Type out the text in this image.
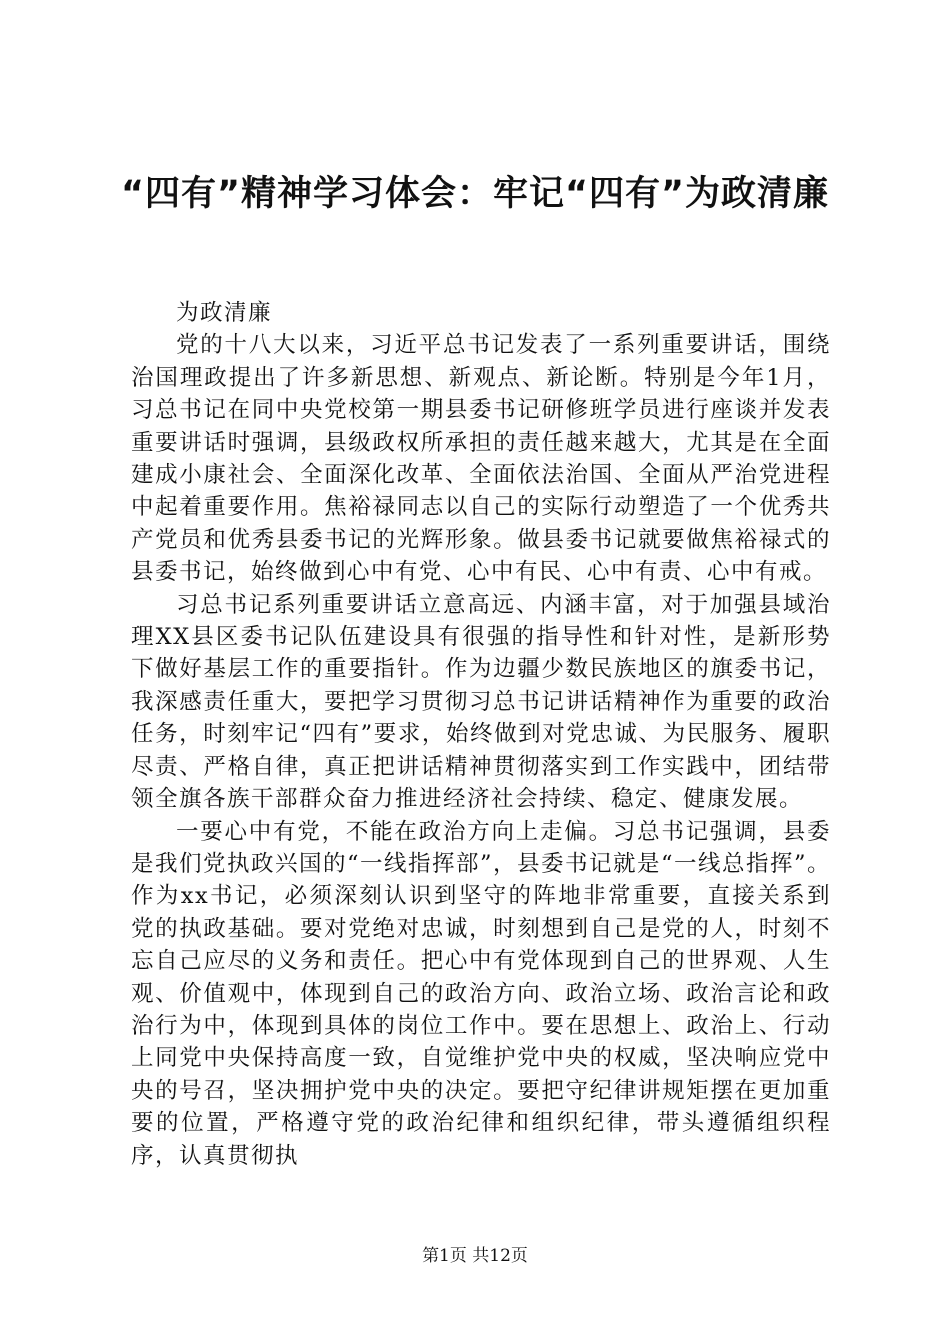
“四有”精神学习体会：牢记“四有”为政清廉

为政清廉

党的十八大以来，习近平总书记发表了一系列重要讲话，围绕治国理政提出了许多新思想、新观点、新论断。特别是今年1月，习总书记在同中央党校第一期县委书记研修班学员进行座谈并发表重要讲话时强调，县级政权所承担的责任越来越大，尤其是在全面建成小康社会、全面深化改革、全面依法治国、全面从严治党进程中起着重要作用。焦裕禄同志以自己的实际行动塑造了一个优秀共产党员和优秀县委书记的光辉形象。做县委书记就要做焦裕禄式的县委书记，始终做到心中有党、心中有民、心中有责、心中有戒。

习总书记系列重要讲话立意高远、内涵丰富，对于加强县域治理XX县区委书记队伍建设具有很强的指导性和针对性，是新形势下做好基层工作的重要指针。作为边疆少数民族地区的旗委书记，我深感责任重大，要把学习贯彻习总书记讲话精神作为重要的政治任务，时刻牢记“四有”要求，始终做到对党忠诚、为民服务、履职尽责、严格自律，真正把讲话精神贯彻落实到工作实践中，团结带领全旗各族干部群众奋力推进经济社会持续、稳定、健康发展。

一要心中有党，不能在政治方向上走偏。习总书记强调，县委是我们党执政兴国的“一线指挥部”，县委书记就是“一线总指挥”。作为xx书记，必须深刻认识到坚守的阵地非常重要，直接关系到党的执政基础。要对党绝对忠诚，时刻想到自己是党的人，时刻不忘自己应尽的义务和责任。把心中有党体现到自己的世界观、人生观、价值观中，体现到自己的政治方向、政治立场、政治言论和政治行为中，体现到具体的岗位工作中。要在思想上、政治上、行动上同党中央保持高度一致，自觉维护党中央的权威，坚决响应党中央的号召，坚决拥护党中央的决定。要把守纪律讲规矩摆在更加重要的位置，严格遵守党的政治纪律和组织纪律，带头遵循组织程序，认真贯彻执

第1页 共12页
